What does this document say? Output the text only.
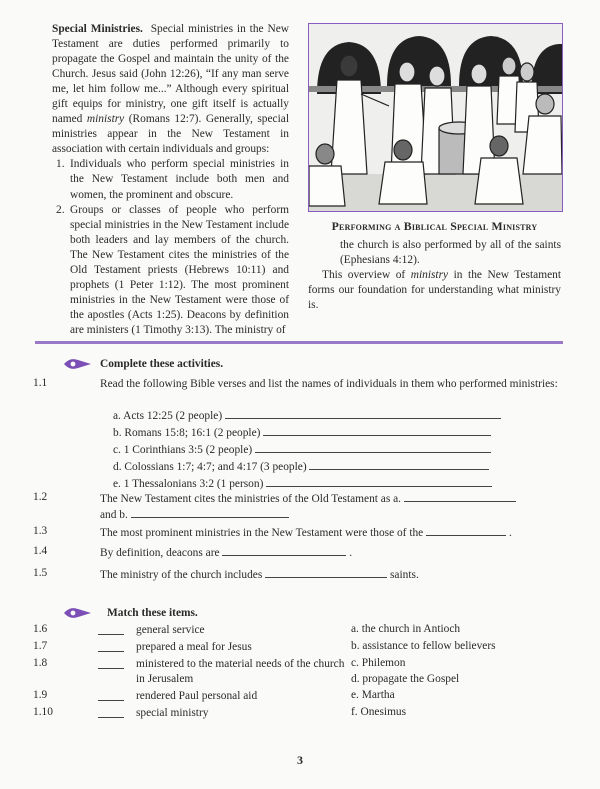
Special Ministries. Special ministries in the New Testament are duties performed primarily to propagate the Gospel and maintain the unity of the Church. Jesus said (John 12:26), “If any man serve me, let him follow me...” Although every spiritual gift equips for ministry, one gift itself is actually named ministry (Romans 12:7). Generally, special ministries appear in the New Testament in association with certain individuals and groups:

1. Individuals who perform special ministries in the New Testament include both men and women, the prominent and obscure.
2. Groups or classes of people who perform special ministries in the New Testament include both leaders and lay members of the church. The New Testament cites the ministries of the Old Testament priests (Hebrews 10:11) and prophets (1 Peter 1:12). The most prominent ministries in the New Testament were those of the apostles (Acts 1:25). Deacons by definition are ministers (1 Timothy 3:13). The ministry of
Performing a Biblical Special Ministry

the church is also performed by all of the saints (Ephesians 4:12).

This overview of ministry in the New Testament forms our foundation for understanding what ministry is.

Complete these activities.
1.1	Read the following Bible verses and list the names of individuals in them who performed ministries:
a. Acts 12:25 (2 people)
b. Romans 15:8; 16:1 (2 people)
c. 1 Corinthians 3:5 (2 people)
d. Colossians 1:7; 4:7; and 4:17 (3 people)
e. 1 Thessalonians 3:2 (1 person)
1.2	The New Testament cites the ministries of the Old Testament as a.
and b.
1.3	The most prominent ministries in the New Testament were those of the	.
1.4	By definition, deacons are	.
1.5	The ministry of the church includes	saints.
Match these items.
1.6	general service
1.7	prepared a meal for Jesus
1.8	ministered to the material needs of the church in Jerusalem
1.9	rendered Paul personal aid
1.10	special ministry
a. the church in Antioch
b. assistance to fellow believers
c. Philemon
d. propagate the Gospel
e. Martha
f. Onesimus
3
